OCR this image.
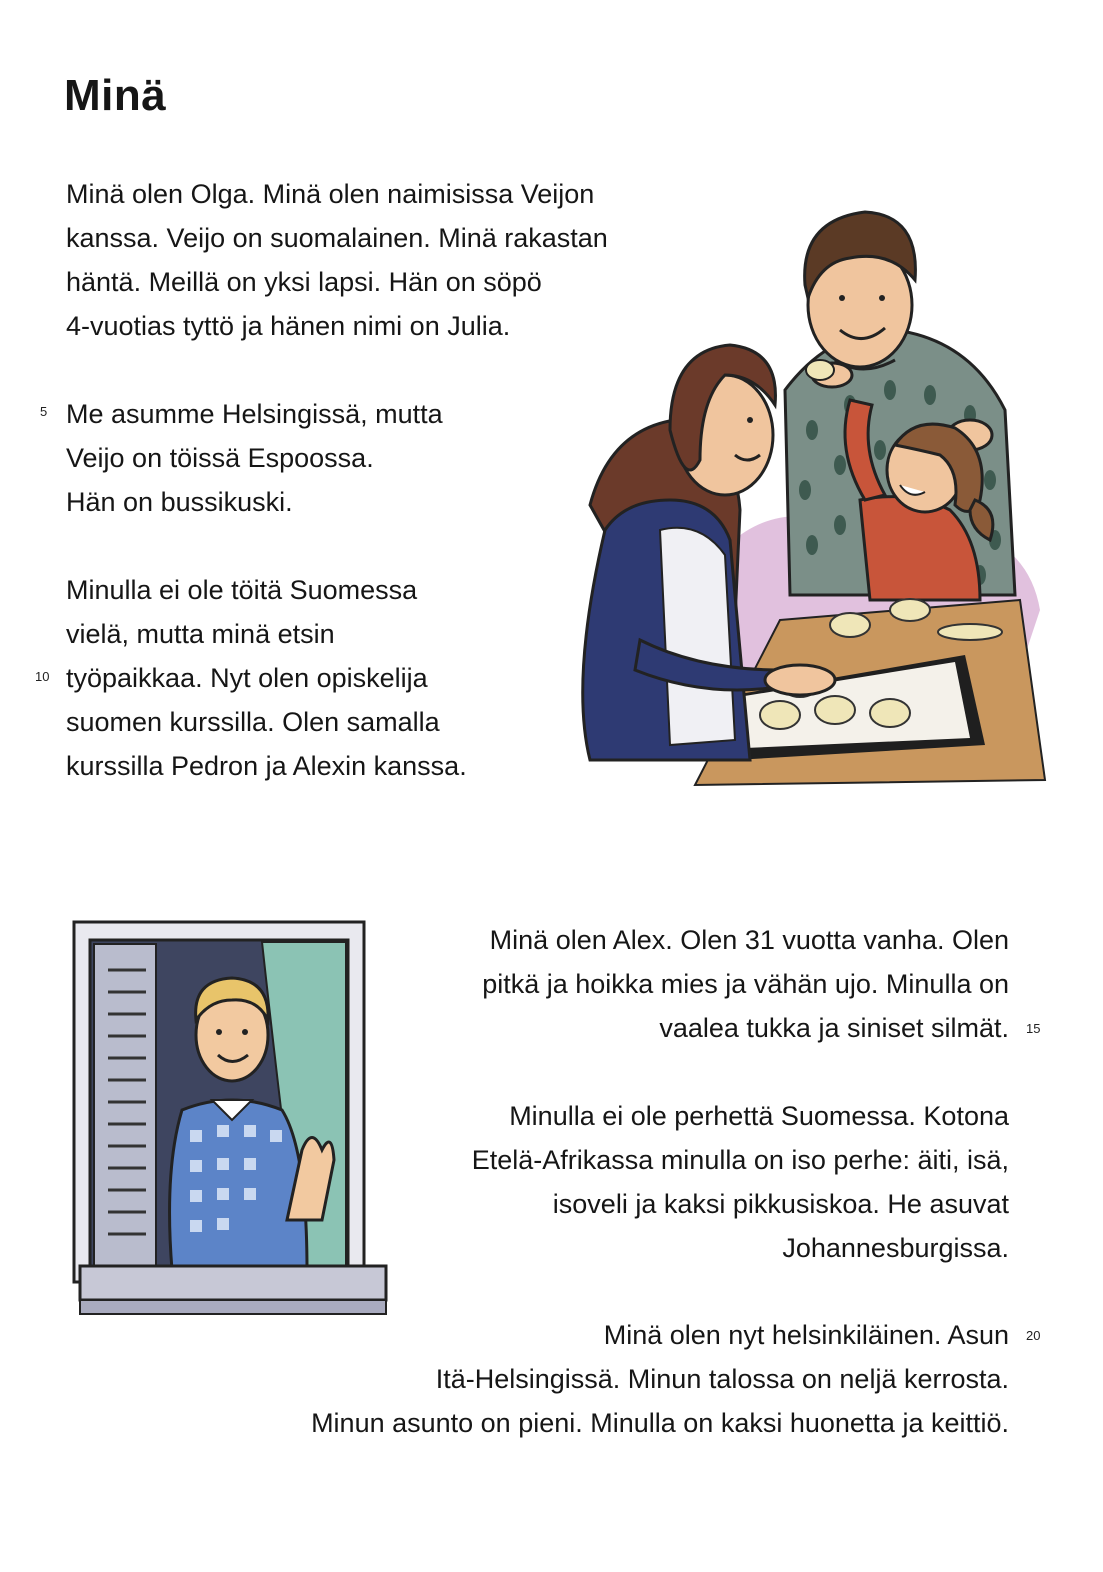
Minä
Minä olen Olga. Minä olen naimisissa Veijon
kanssa. Veijo on suomalainen. Minä rakastan
häntä. Meillä on yksi lapsi. Hän on söpö
4-vuotias tyttö ja hänen nimi on Julia.
5 Me asumme Helsingissä, mutta
Veijo on töissä Espoossa.
Hän on bussikuski.
Minulla ei ole töitä Suomessa
vielä, mutta minä etsin
työpaikkaa. Nyt olen opiskelija
suomen kurssilla. Olen samalla
kurssilla Pedron ja Alexin kanssa.
10
Minä olen Alex. Olen 31 vuotta vanha. Olen
pitkä ja hoikka mies ja vähän ujo. Minulla on
vaalea tukka ja siniset silmät. 15
Minulla ei ole perhettä Suomessa. Kotona
Etelä-Afrikassa minulla on iso perhe: äiti, isä,
isoveli ja kaksi pikkusiskoa. He asuvat
Johannesburgissa.
Minä olen nyt helsinkiläinen. Asun
Itä-Helsingissä. Minun talossa on neljä kerrosta.
Minun asunto on pieni. Minulla on kaksi huonetta ja keittiö.
20
